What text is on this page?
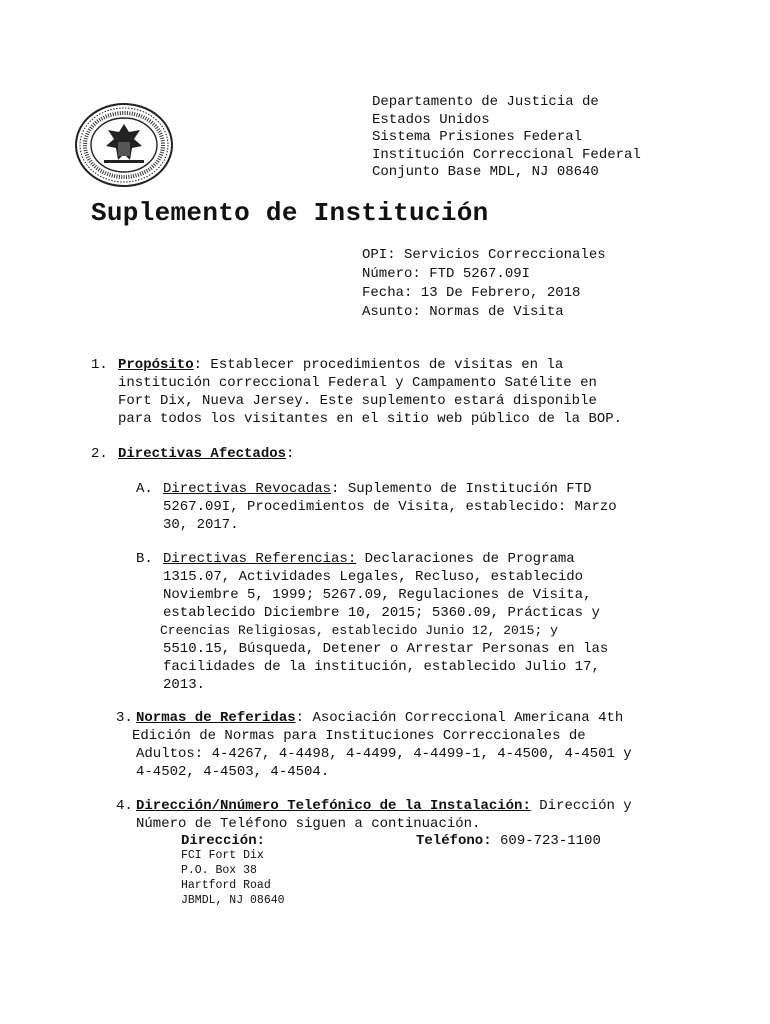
Departamento de Justicia de
Estados Unidos
Sistema Prisiones Federal
Institución Correccional Federal
Conjunto Base MDL, NJ 08640
Suplemento de Institución
OPI: Servicios Correccionales
Número: FTD 5267.09I
Fecha: 13 De Febrero, 2018
Asunto: Normas de Visita
1. Propósito: Establecer procedimientos de visitas en la

institución correccional Federal y Campamento Satélite en

Fort Dix, Nueva Jersey. Este suplemento estará disponible

para todos los visitantes en el sitio web público de la BOP.

2. Directivas Afectados:

A. Directivas Revocadas: Suplemento de Institución FTD

5267.09I, Procedimientos de Visita, establecido: Marzo

30, 2017.

B. Directivas Referencias: Declaraciones de Programa

1315.07, Actividades Legales, Recluso, establecido

Noviembre 5, 1999; 5267.09, Regulaciones de Visita,

establecido Diciembre 10, 2015; 5360.09, Prácticas y

Creencias Religiosas, establecido Junio 12, 2015; y

5510.15, Búsqueda, Detener o Arrestar Personas en las

facilidades de la institución, establecido Julio 17,

2013.

3. Normas de Referidas: Asociación Correccional Americana 4th

Edición de Normas para Instituciones Correccionales de

Adultos: 4-4267, 4-4498, 4-4499, 4-4499-1, 4-4500, 4-4501 y

4-4502, 4-4503, 4-4504.

4. Dirección/Nnúmero Telefónico de la Instalación: Dirección y

Número de Teléfono siguen a continuación.

Dirección:	Teléfono: 609-723-1100
FCI Fort Dix
P.O. Box 38
Hartford Road
JBMDL, NJ 08640
